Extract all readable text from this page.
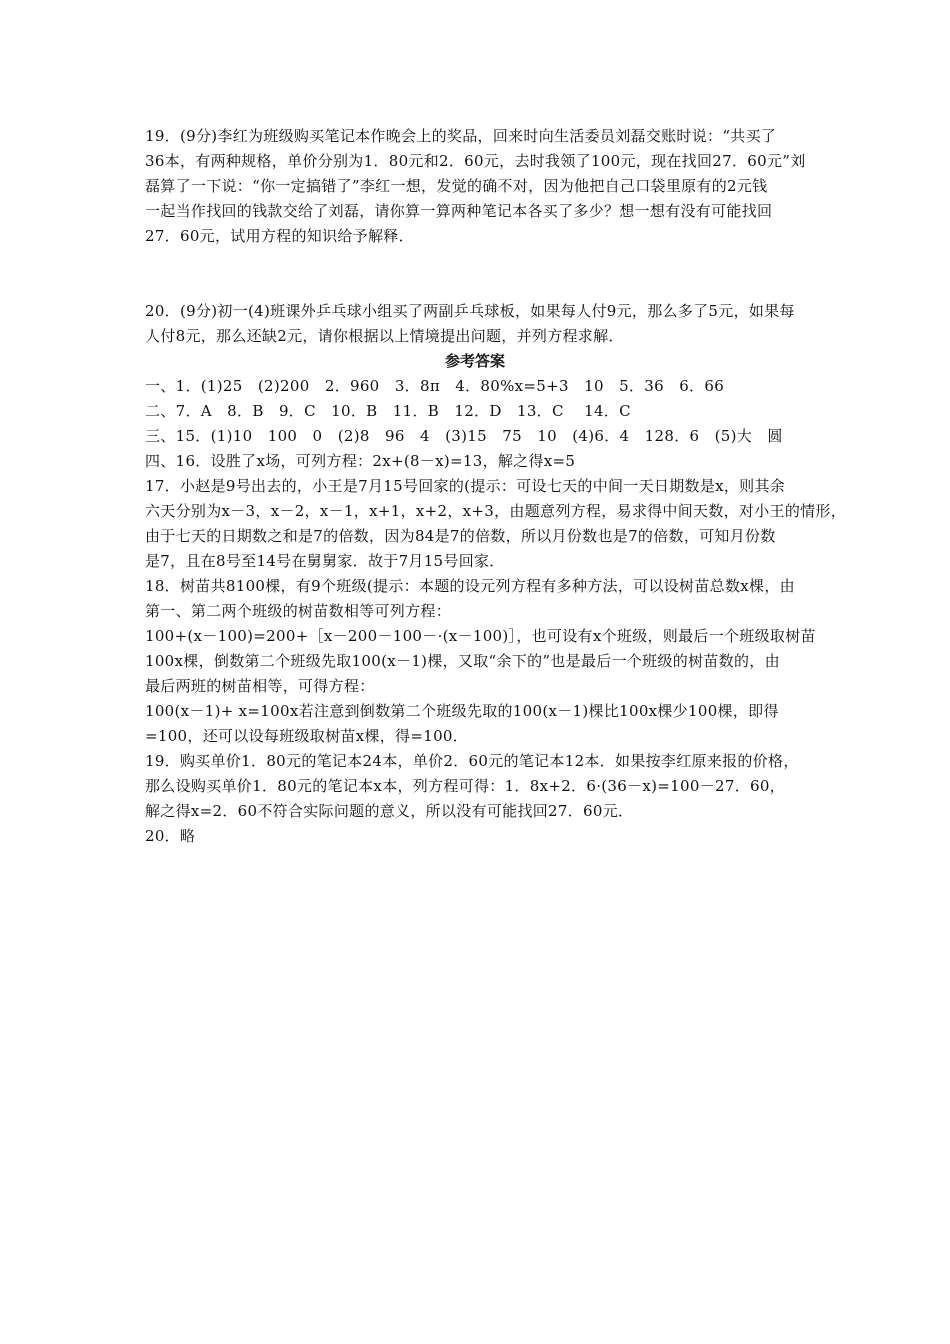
19．(9分)李红为班级购买笔记本作晚会上的奖品，回来时向生活委员刘磊交账时说：“共买了
36本，有两种规格，单价分别为1．80元和2．60元，去时我领了100元，现在找回27．60元”刘
磊算了一下说：“你一定搞错了”李红一想，发觉的确不对，因为他把自己口袋里原有的2元钱
一起当作找回的钱款交给了刘磊，请你算一算两种笔记本各买了多少？想一想有没有可能找回
27．60元，试用方程的知识给予解释．
20．(9分)初一(4)班课外乒乓球小组买了两副乒乓球板，如果每人付9元，那么多了5元，如果每
人付8元，那么还缺2元，请你根据以上情境提出问题，并列方程求解．
参考答案
一、1．(1)25　(2)200　2．960　3．8π　4．80%x=5+3　10　5．36　6．66
二、7．A　8．B　9．C　10．B　11．B　12．D　13．C　 14．C
三、15．(1)10　100　0　(2)8　96　4　(3)15　75　10　(4)6．4　128．6　(5)大　圆
四、16．设胜了x场，可列方程：2x+(8－x)=13，解之得x=5
17．小赵是9号出去的，小王是7月15号回家的(提示：可设七天的中间一天日期数是x，则其余
六天分别为x－3，x－2，x－1，x+1，x+2，x+3，由题意列方程，易求得中间天数，对小王的情形，
由于七天的日期数之和是7的倍数，因为84是7的倍数，所以月份数也是7的倍数，可知月份数
是7，且在8号至14号在舅舅家．故于7月15号回家．
18．树苗共8100棵，有9个班级(提示：本题的设元列方程有多种方法，可以设树苗总数x棵，由
第一、第二两个班级的树苗数相等可列方程：
100+(x－100)=200+［x－200－100－·(x－100)］，也可设有x个班级，则最后一个班级取树苗
100x棵，倒数第二个班级先取100(x－1)棵，又取“余下的”也是最后一个班级的树苗数的，由
最后两班的树苗相等，可得方程：
100(x－1)+ x=100x若注意到倒数第二个班级先取的100(x－1)棵比100x棵少100棵，即得
=100，还可以设每班级取树苗x棵，得=100．
19．购买单价1．80元的笔记本24本，单价2．60元的笔记本12本．如果按李红原来报的价格，
那么设购买单价1．80元的笔记本x本，列方程可得：1．8x+2．6·(36－x)=100－27．60，
解之得x=2．60不符合实际问题的意义，所以没有可能找回27．60元．
20．略
